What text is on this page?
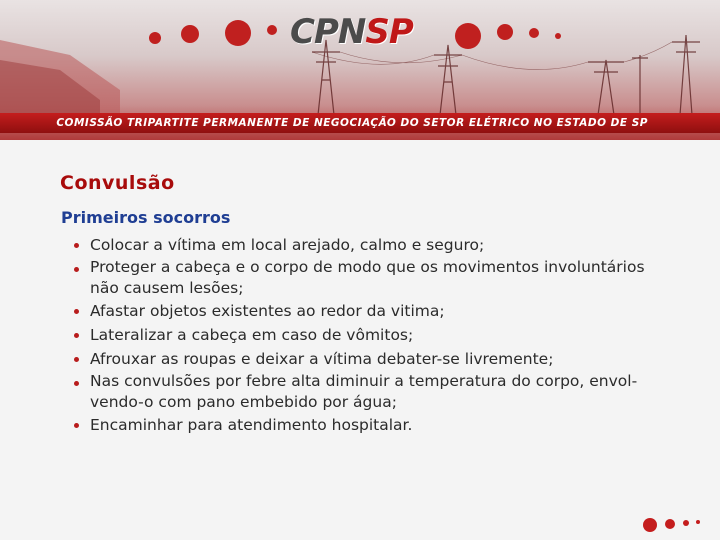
CPNSP
COMISSÃO TRIPARTITE PERMANENTE DE NEGOCIAÇÃO DO SETOR ELÉTRICO NO ESTADO DE SP
Convulsão
Primeiros socorros
Colocar a vítima em local arejado, calmo e seguro;
Proteger a cabeça e o corpo de modo que os movimentos involuntários
não causem lesões;
Afastar objetos existentes ao redor da vitima;
Lateralizar a cabeça em caso de vômitos;
Afrouxar as roupas e deixar a vítima debater-se livremente;
Nas convulsões por febre alta diminuir a temperatura do corpo, envol-
vendo-o com pano embebido por água;
Encaminhar para atendimento hospitalar.
